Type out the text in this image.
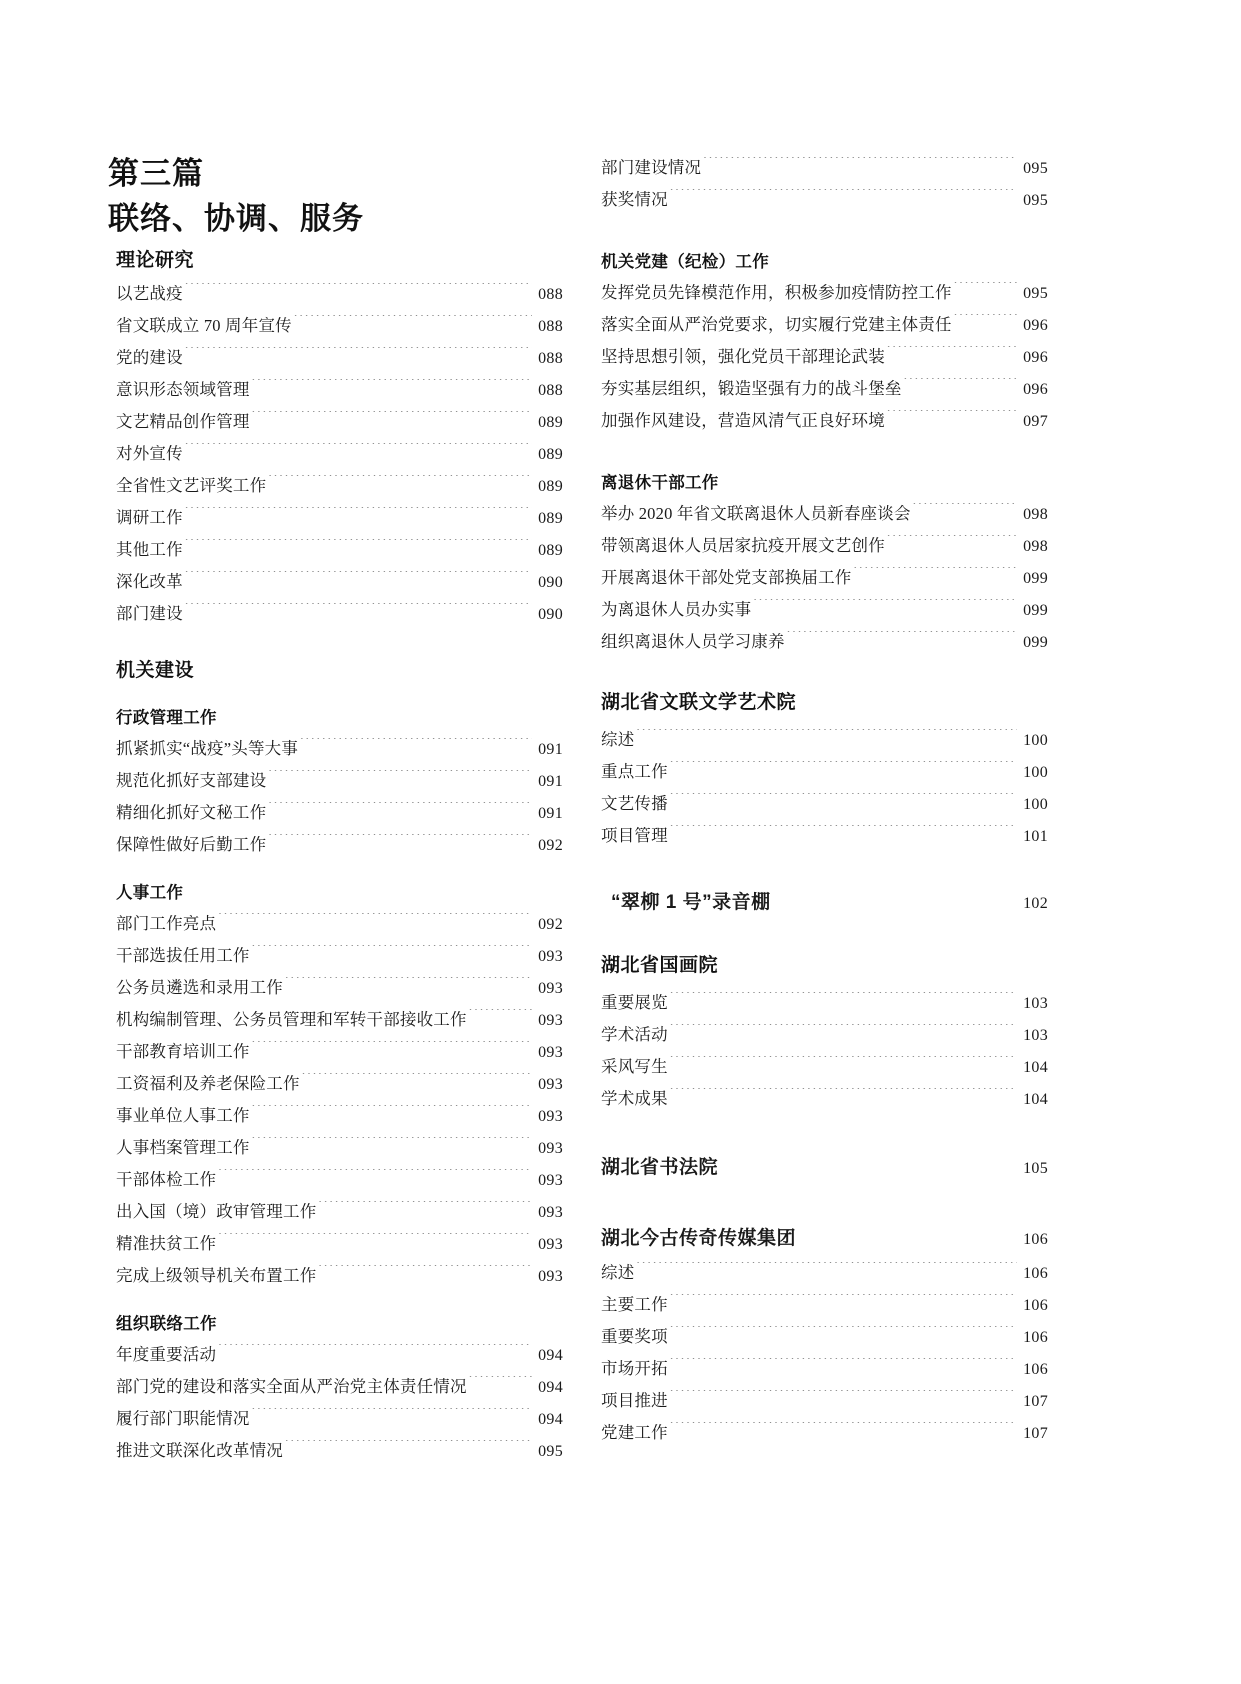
第三篇
联络、协调、服务
理论研究
以艺战疫 ·····	088
省文联成立 70 周年宣传 ·····	088
党的建设 ·····	088
意识形态领域管理 ·····	088
文艺精品创作管理 ·····	089
对外宣传 ·····	089
全省性文艺评奖工作 ·····	089
调研工作 ·····	089
其他工作 ·····	089
深化改革 ·····	090
部门建设 ·····	090
机关建设
行政管理工作
抓紧抓实“战疫”头等大事 ·····	091
规范化抓好支部建设 ·····	091
精细化抓好文秘工作 ·····	091
保障性做好后勤工作 ·····	092
人事工作
部门工作亮点 ·····	092
干部选拔任用工作 ·····	093
公务员遴选和录用工作 ·····	093
机构编制管理、公务员管理和军转干部接收工作 ·····	093
干部教育培训工作 ·····	093
工资福利及养老保险工作 ·····	093
事业单位人事工作 ·····	093
人事档案管理工作 ·····	093
干部体检工作 ·····	093
出入国（境）政审管理工作 ·····	093
精准扶贫工作 ·····	093
完成上级领导机关布置工作 ·····	093
组织联络工作
年度重要活动 ·····	094
部门党的建设和落实全面从严治党主体责任情况 ·····	094
履行部门职能情况 ·····	094
推进文联深化改革情况 ·····	095
部门建设情况 ·····	095
获奖情况 ·····	095
机关党建（纪检）工作
发挥党员先锋模范作用，积极参加疫情防控工作 ·····	095
落实全面从严治党要求，切实履行党建主体责任 ·····	096
坚持思想引领，强化党员干部理论武装 ·····	096
夯实基层组织，锻造坚强有力的战斗堡垒 ·····	096
加强作风建设，营造风清气正良好环境 ·····	097
离退休干部工作
举办 2020 年省文联离退休人员新春座谈会 ·····	098
带领离退休人员居家抗疫开展文艺创作 ·····	098
开展离退休干部处党支部换届工作 ·····	099
为离退休人员办实事 ·····	099
组织离退休人员学习康养 ·····	099
湖北省文联文学艺术院
综述 ·····	100
重点工作 ·····	100
文艺传播 ·····	100
项目管理 ·····	101
“翠柳 1 号”录音棚 ·····	102
湖北省国画院
重要展览 ·····	103
学术活动 ·····	103
采风写生 ·····	104
学术成果 ·····	104
湖北省书法院 ·····	105
湖北今古传奇传媒集团 ·····	106
综述 ·····	106
主要工作 ·····	106
重要奖项 ·····	106
市场开拓 ·····	106
项目推进 ·····	107
党建工作 ·····	107
